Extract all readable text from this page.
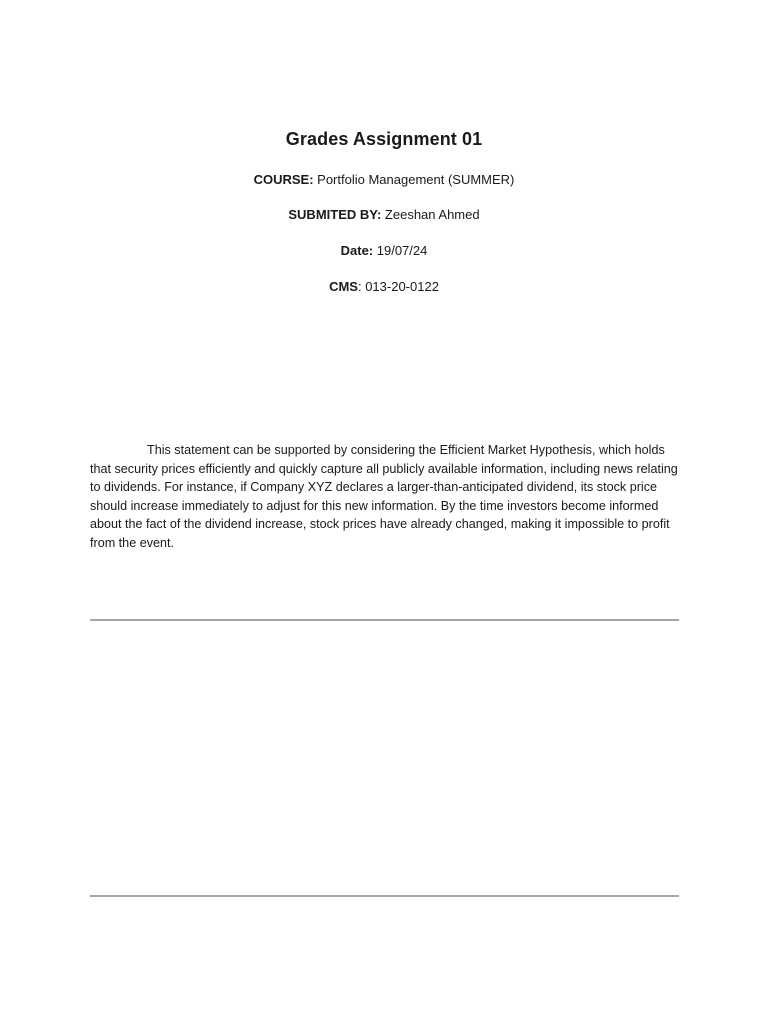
Grades Assignment 01
COURSE: Portfolio Management (SUMMER)
SUBMITED BY: Zeeshan Ahmed
Date: 19/07/24
CMS: 013-20-0122

This statement can be supported by considering the Efficient Market Hypothesis, which holds that security prices efficiently and quickly capture all publicly available information, including news relating to dividends. For instance, if Company XYZ declares a larger-than-anticipated dividend, its stock price should increase immediately to adjust for this new information. By the time investors become informed about the fact of the dividend increase, stock prices have already changed, making it impossible to profit from the event.
